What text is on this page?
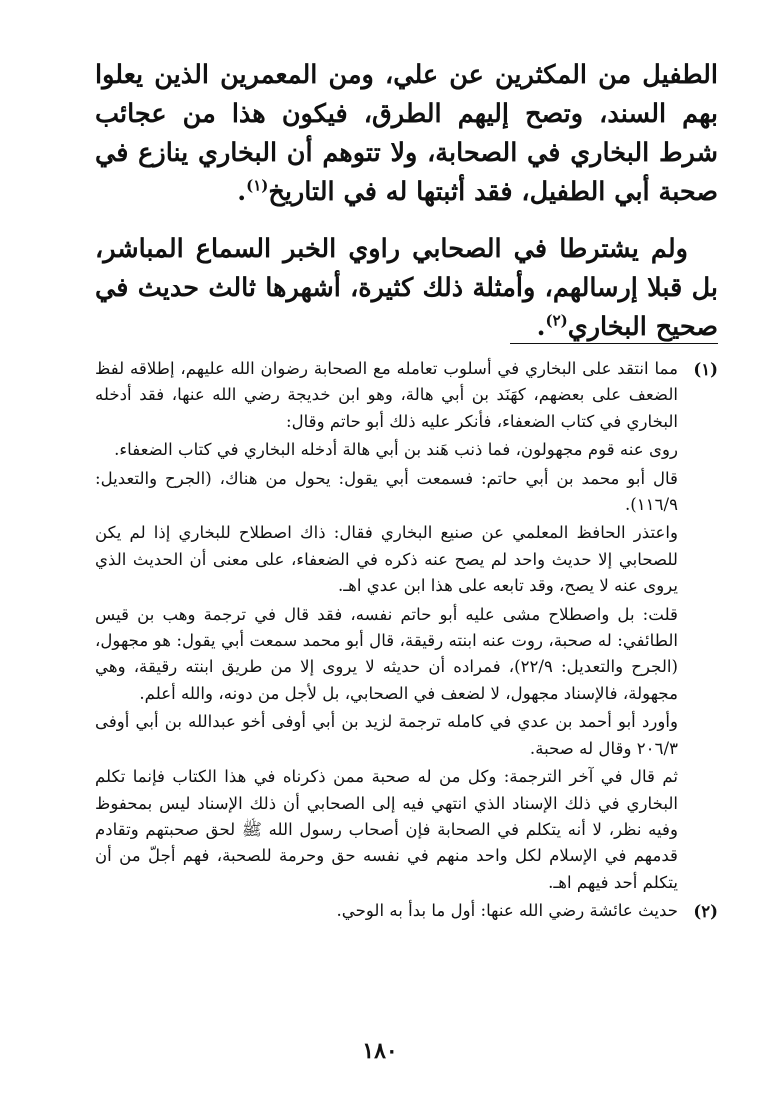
الطفيل من المكثرين عن علي، ومن المعمرين الذين يعلوا بهم السند، وتصح إليهم الطرق، فيكون هذا من عجائب شرط البخاري في الصحابة، ولا تتوهم أن البخاري ينازع في صحبة أبي الطفيل، فقد أثبتها له في التاريخ$^{(١)}$.

ولم يشترطا في الصحابي راوي الخبر السماع المباشر، بل قبلا إرسالهم، وأمثلة ذلك كثيرة، أشهرها ثالث حديث في صحيح البخاري$^{(٢)}$.

(١)

مما انتقد على البخاري في أسلوب تعامله مع الصحابة رضوان الله عليهم، إطلاقه لفظ الضعف على بعضهم، كهَنَد بن أبي هالة، وهو ابن خديجة رضي الله عنها، فقد أدخله البخاري في كتاب الضعفاء، فأنكر عليه ذلك أبو حاتم وقال:

روى عنه قوم مجهولون، فما ذنب هَند بن أبي هالة أدخله البخاري في كتاب الضعفاء.

قال أبو محمد بن أبي حاتم: فسمعت أبي يقول: يحول من هناك، (الجرح والتعديل: ١١٦/٩).

واعتذر الحافظ المعلمي عن صنيع البخاري فقال: ذاك اصطلاح للبخاري إذا لم يكن للصحابي إلا حديث واحد لم يصح عنه ذكره في الضعفاء، على معنى أن الحديث الذي يروى عنه لا يصح، وقد تابعه على هذا ابن عدي اهـ.

قلت: بل واصطلاح مشى عليه أبو حاتم نفسه، فقد قال في ترجمة وهب بن قيس الطائفي: له صحبة، روت عنه ابنته رقيقة، قال أبو محمد سمعت أبي يقول: هو مجهول، (الجرح والتعديل: ٢٢/٩)، فمراده أن حديثه لا يروى إلا من طريق ابنته رقيقة، وهي مجهولة، فالإسناد مجهول، لا لضعف في الصحابي، بل لأجل من دونه، والله أعلم.

وأورد أبو أحمد بن عدي في كامله ترجمة لزيد بن أبي أوفى أخو عبدالله بن أبي أوفى ٢٠٦/٣ وقال له صحبة.

ثم قال في آخر الترجمة: وكل من له صحبة ممن ذكرناه في هذا الكتاب فإنما تكلم البخاري في ذلك الإسناد الذي انتهي فيه إلى الصحابي أن ذلك الإسناد ليس بمحفوظ وفيه نظر، لا أنه يتكلم في الصحابة فإن أصحاب رسول الله ﷺ لحق صحبتهم وتقادم قدمهم في الإسلام لكل واحد منهم في نفسه حق وحرمة للصحبة، فهم أجلّ من أن يتكلم أحد فيهم اهـ.

(٢)

حديث عائشة رضي الله عنها: أول ما بدأ به الوحي.

١٨٠
